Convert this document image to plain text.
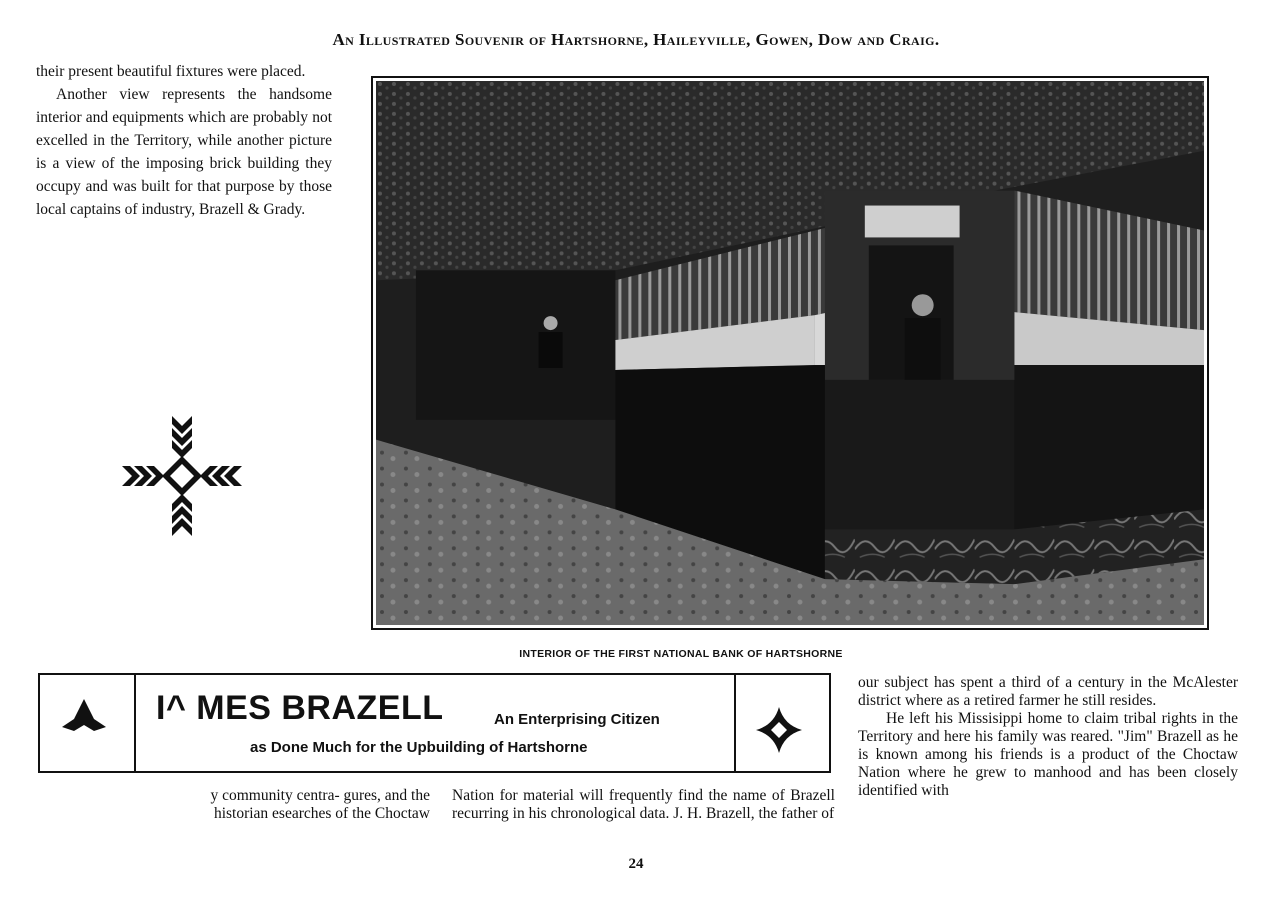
An Illustrated Souvenir of Hartshorne, Haileyville, Gowen, Dow and Craig.

their present beautiful fixtures were placed.

Another view represents the handsome interior and equipments which are probably not excelled in the Territory, while another picture is a view of the imposing brick building they occupy and was built for that purpose by those local captains of industry, Brazell & Grady.

INTERIOR OF THE FIRST NATIONAL BANK OF HARTSHORNE
I^ MES BRAZELL	An Enterprising Citizen
as Done Much for the Upbuilding of Hartshorne

y community centra- gures, and the historian esearches of the Choctaw

Nation for material will frequently find the name of Brazell recurring in his chronological data. J. H. Brazell, the father of

our subject has spent a third of a century in the McAlester district where as a retired farmer he still resides.

He left his Missisippi home to claim tribal rights in the Territory and here his family was reared. "Jim" Brazell as he is known among his friends is a product of the Choctaw Nation where he grew to manhood and has been closely identified with

24
